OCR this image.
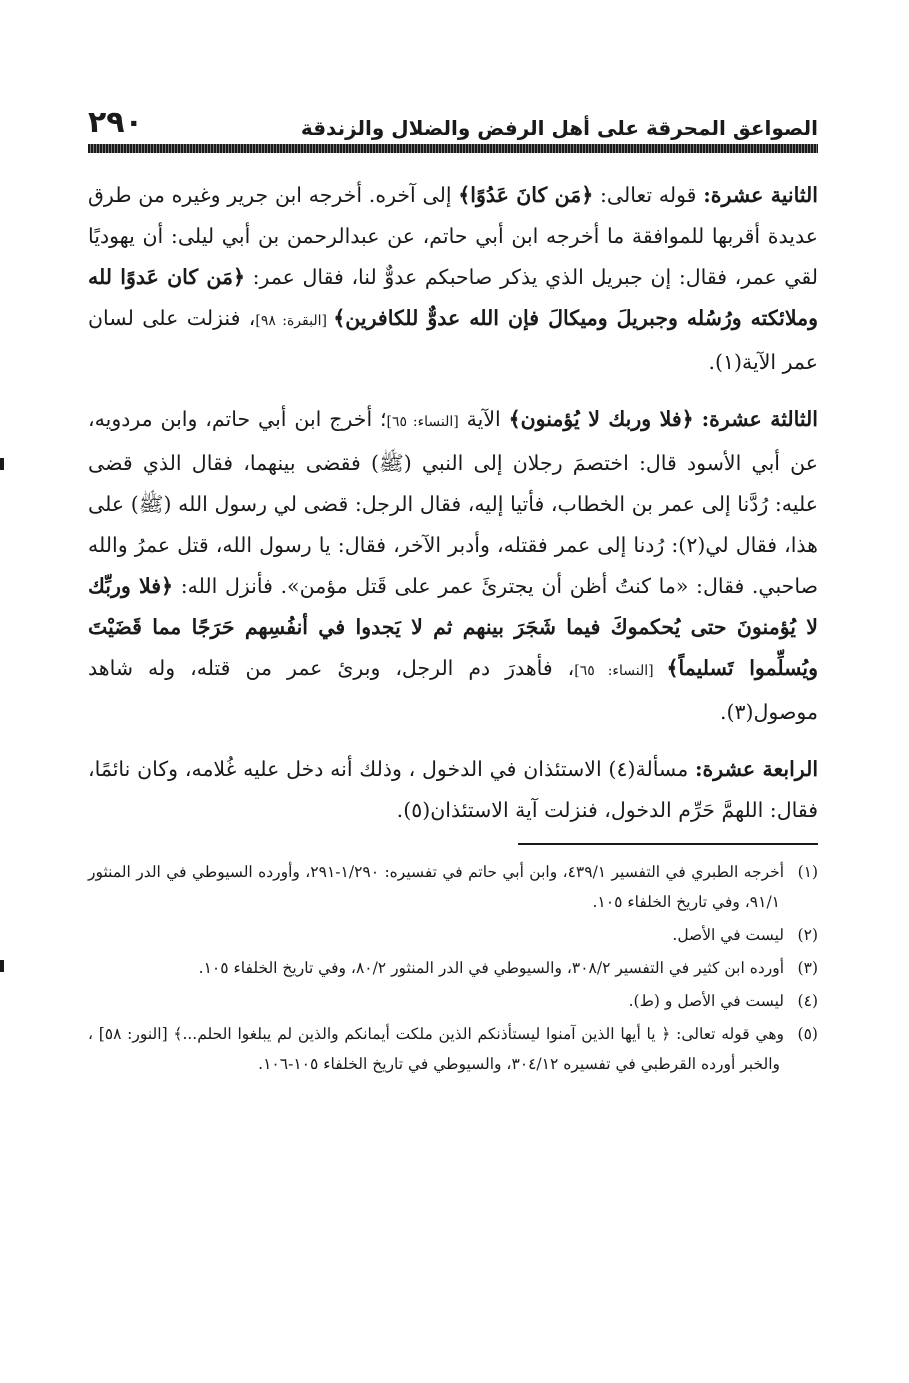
الصواعق المحرقة على أهل الرفض والضلال والزندقة
٢٩٠

الثانية عشرة: قوله تعالى: ﴿مَن كانَ عَدُوًا﴾ إلى آخره. أخرجه ابن جرير وغيره من طرق عديدة أقربها للموافقة ما أخرجه ابن أبي حاتم، عن عبدالرحمن بن أبي ليلى: أن يهوديًا لقي عمر، فقال: إن جبريل الذي يذكر صاحبكم عدوٌّ لنا، فقال عمر: ﴿مَن كان عَدوًا لله وملائكته ورُسُله وجبريلَ وميكالَ فإن الله عدوٌّ للكافرين﴾ [البقرة: ٩٨]، فنزلت على لسان عمر الآية(١).

الثالثة عشرة: ﴿فلا وربك لا يُؤمنون﴾ الآية [النساء: ٦٥]؛ أخرج ابن أبي حاتم، وابن مردويه، عن أبي الأسود قال: اختصمَ رجلان إلى النبي (ﷺ) فقضى بينهما، فقال الذي قضى عليه: رُدَّنا إلى عمر بن الخطاب، فأتيا إليه، فقال الرجل: قضى لي رسول الله (ﷺ) على هذا، فقال لي(٢): رُدنا إلى عمر فقتله، وأدبر الآخر، فقال: يا رسول الله، قتل عمرُ والله صاحبي. فقال: «ما كنتُ أظن أن يجترئَ عمر على قَتل مؤمن». فأنزل الله: ﴿فلا وربِّك لا يُؤمنونَ حتى يُحكموكَ فيما شَجَرَ بينهم ثم لا يَجدوا في أنفُسِهم حَرَجًا مما قَضَيْتَ ويُسلِّموا تَسليماً﴾ [النساء: ٦٥]، فأهدرَ دم الرجل، وبرئ عمر من قتله، وله شاهد موصول(٣).

الرابعة عشرة: مسألة(٤) الاستئذان في الدخول ، وذلك أنه دخل عليه غُلامه، وكان نائمًا، فقال: اللهمَّ حَرِّم الدخول، فنزلت آية الاستئذان(٥).

(١)أخرجه الطبري في التفسير ٤٣٩/١، وابن أبي حاتم في تفسيره: ١/٢٩٠-٢٩١، وأورده السيوطي في الدر المنثور ٩١/١، وفي تاريخ الخلفاء ١٠٥.

(٢)ليست في الأصل.

(٣)أورده ابن كثير في التفسير ٣٠٨/٢، والسيوطي في الدر المنثور ٨٠/٢، وفي تاريخ الخلفاء ١٠٥.

(٤)ليست في الأصل و (ط).

(٥)وهي قوله تعالى: ﴿ يا أيها الذين آمنوا ليستأذنكم الذين ملكت أيمانكم والذين لم يبلغوا الحلم...﴾ [النور: ٥٨] ، والخبر أورده القرطبي في تفسيره ٣٠٤/١٢، والسيوطي في تاريخ الخلفاء ١٠٥-١٠٦.
